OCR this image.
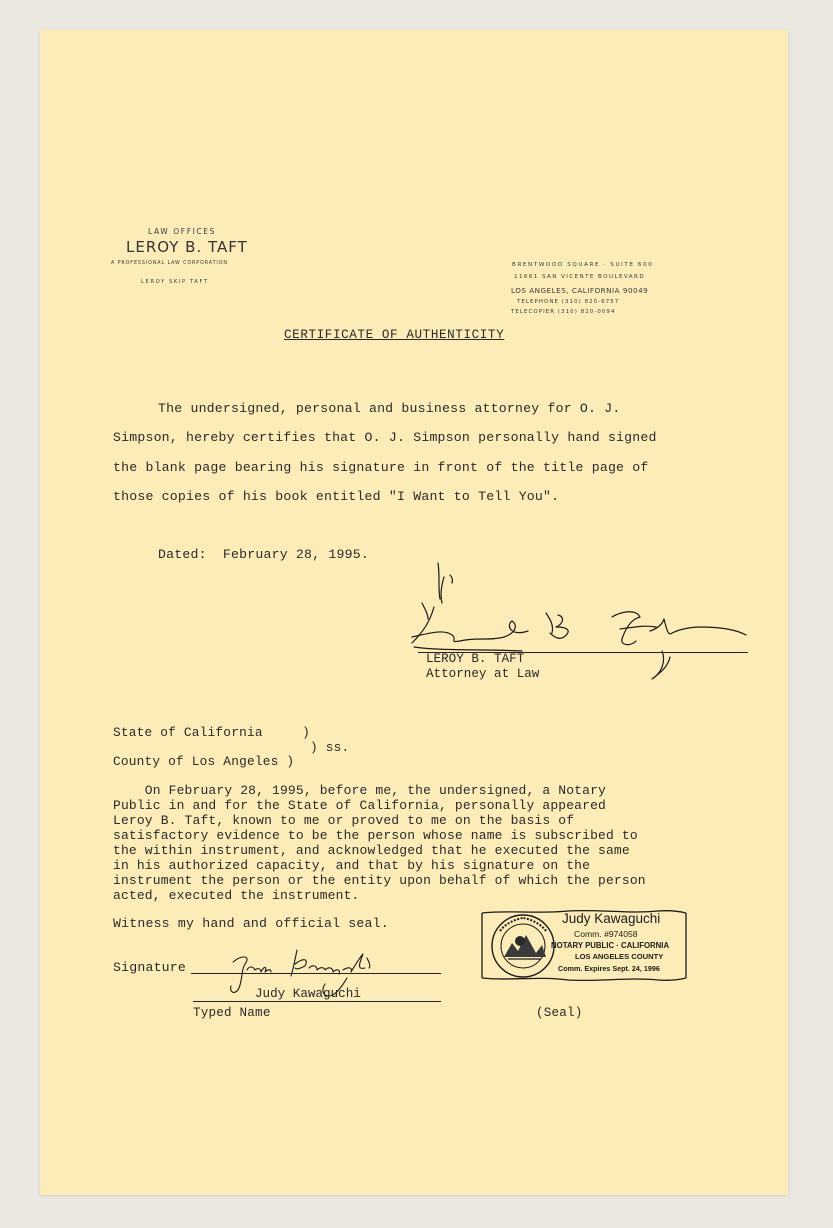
LAW OFFICES
LEROY B. TAFT
A PROFESSIONAL LAW CORPORATION
LEROY SKIP TAFT
BRENTWOOD SQUARE · SUITE 600
11661 SAN VICENTE BOULEVARD
LOS ANGELES, CALIFORNIA 90049
TELEPHONE (310) 820-6757
TELECOPIER (310) 820-0094
CERTIFICATE OF AUTHENTICITY
The undersigned, personal and business attorney for O. J.
Simpson, hereby certifies that O. J. Simpson personally hand signed
the blank page bearing his signature in front of the title page of
those copies of his book entitled "I Want to Tell You".
Dated:  February 28, 1995.
LEROY B. TAFT
Attorney at Law
State of California     )
) ss.
County of Los Angeles )
On February 28, 1995, before me, the undersigned, a Notary
Public in and for the State of California, personally appeared
Leroy B. Taft, known to me or proved to me on the basis of
satisfactory evidence to be the person whose name is subscribed to
the within instrument, and acknowledged that he executed the same
in his authorized capacity, and that by his signature on the
instrument the person or the entity upon behalf of which the person
acted, executed the instrument.
Witness my hand and official seal.
Signature
Judy Kawaguchi
Typed Name	(Seal)
Judy Kawaguchi
Comm. #974058
NOTARY PUBLIC · CALIFORNIA
LOS ANGELES COUNTY
Comm. Expires Sept. 24, 1996
